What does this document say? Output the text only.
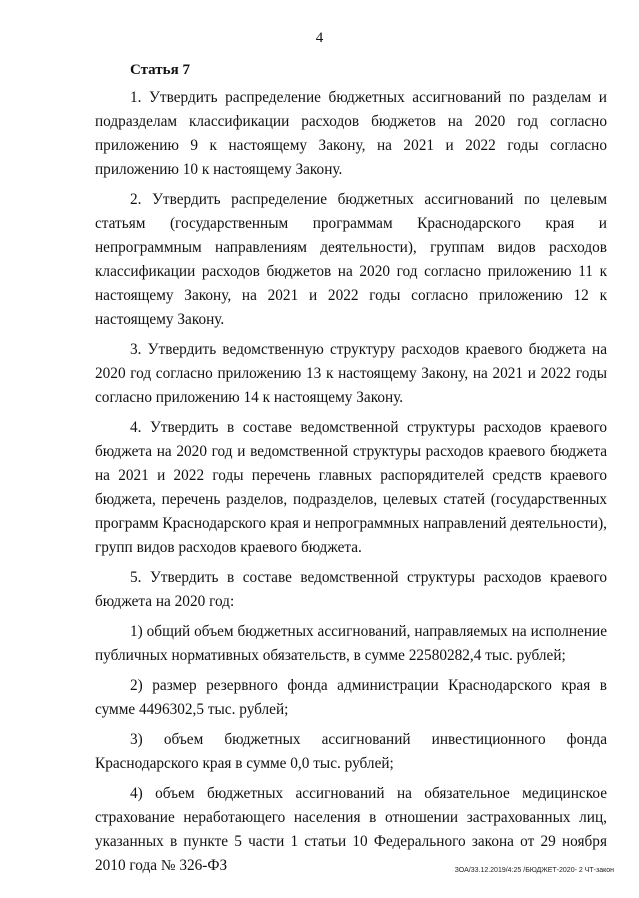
4
Статья 7

1. Утвердить распределение бюджетных ассигнований по разделам и подразделам классификации расходов бюджетов на 2020 год согласно приложению 9 к настоящему Закону, на 2021 и 2022 годы согласно приложению 10 к настоящему Закону.

2. Утвердить распределение бюджетных ассигнований по целевым статьям (государственным программам Краснодарского края и непрограммным направлениям деятельности), группам видов расходов классификации расходов бюджетов на 2020 год согласно приложению 11 к настоящему Закону, на 2021 и 2022 годы согласно приложению 12 к настоящему Закону.

3. Утвердить ведомственную структуру расходов краевого бюджета на 2020 год согласно приложению 13 к настоящему Закону, на 2021 и 2022 годы согласно приложению 14 к настоящему Закону.

4. Утвердить в составе ведомственной структуры расходов краевого бюджета на 2020 год и ведомственной структуры расходов краевого бюджета на 2021 и 2022 годы перечень главных распорядителей средств краевого бюджета, перечень разделов, подразделов, целевых статей (государственных программ Краснодарского края и непрограммных направлений деятельности), групп видов расходов краевого бюджета.

5. Утвердить в составе ведомственной структуры расходов краевого бюджета на 2020 год:

1) общий объем бюджетных ассигнований, направляемых на исполнение публичных нормативных обязательств, в сумме 22580282,4 тыс. рублей;

2) размер резервного фонда администрации Краснодарского края в сумме 4496302,5 тыс. рублей;

3) объем бюджетных ассигнований инвестиционного фонда Краснодарского края в сумме 0,0 тыс. рублей;

4) объем бюджетных ассигнований на обязательное медицинское страхование неработающего населения в отношении застрахованных лиц, указанных в пункте 5 части 1 статьи 10 Федерального закона от 29 ноября 2010 года № 326-ФЗ	ЗОА/33.12.2019/4:25 /БЮДЖЕТ-2020- 2 ЧТ-закон
